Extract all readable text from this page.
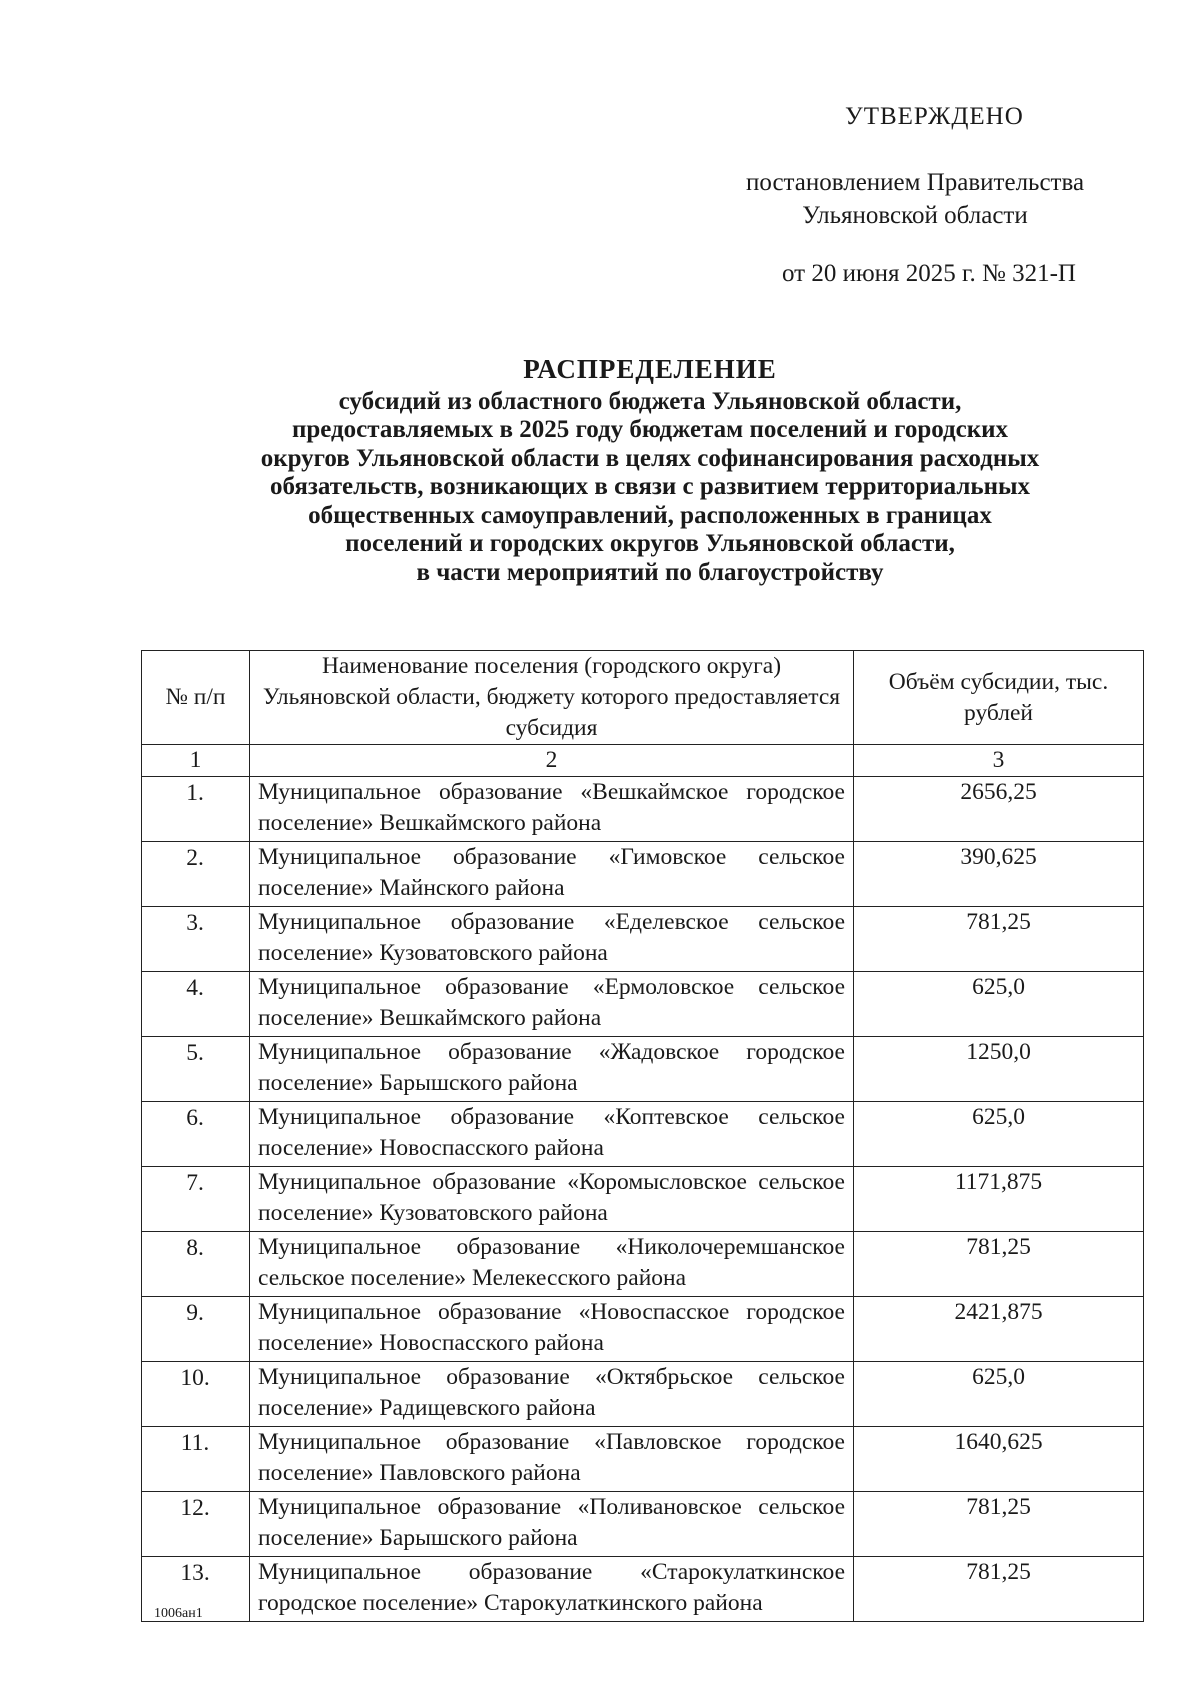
УТВЕРЖДЕНО
постановлением Правительства
Ульяновской области
от 20 июня 2025 г. № 321-П
РАСПРЕДЕЛЕНИЕ
субсидий из областного бюджета Ульяновской области,
предоставляемых в 2025 году бюджетам поселений и городских
округов Ульяновской области в целях софинансирования расходных
обязательств, возникающих в связи с развитием территориальных
общественных самоуправлений, расположенных в границах
поселений и городских округов Ульяновской области,
в части мероприятий по благоустройству
№ п/п	Наименование поселения (городского округа) Ульяновской области, бюджету которого предоставляется субсидия	Объём субсидии, тыс. рублей
1	2	3
1.	Муниципальное образование «Вешкаймское городское поселение» Вешкаймского района	2656,25
2.	Муниципальное образование «Гимовское сельское поселение» Майнского района	390,625
3.	Муниципальное образование «Еделевское сельское поселение» Кузоватовского района	781,25
4.	Муниципальное образование «Ермоловское сельское поселение» Вешкаймского района	625,0
5.	Муниципальное образование «Жадовское городское поселение» Барышского района	1250,0
6.	Муниципальное образование «Коптевское сельское поселение» Новоспасского района	625,0
7.	Муниципальное образование «Коромысловское сельское поселение» Кузоватовского района	1171,875
8.	Муниципальное образование «Николочеремшанское сельское поселение» Мелекесского района	781,25
9.	Муниципальное образование «Новоспасское городское поселение» Новоспасского района	2421,875
10.	Муниципальное образование «Октябрьское сельское поселение» Радищевского района	625,0
11.	Муниципальное образование «Павловское городское поселение» Павловского района	1640,625
12.	Муниципальное образование «Поливановское сельское поселение» Барышского района	781,25
13.	Муниципальное образование «Старокулаткинское городское поселение» Старокулаткинского района	781,25
1006ан1
